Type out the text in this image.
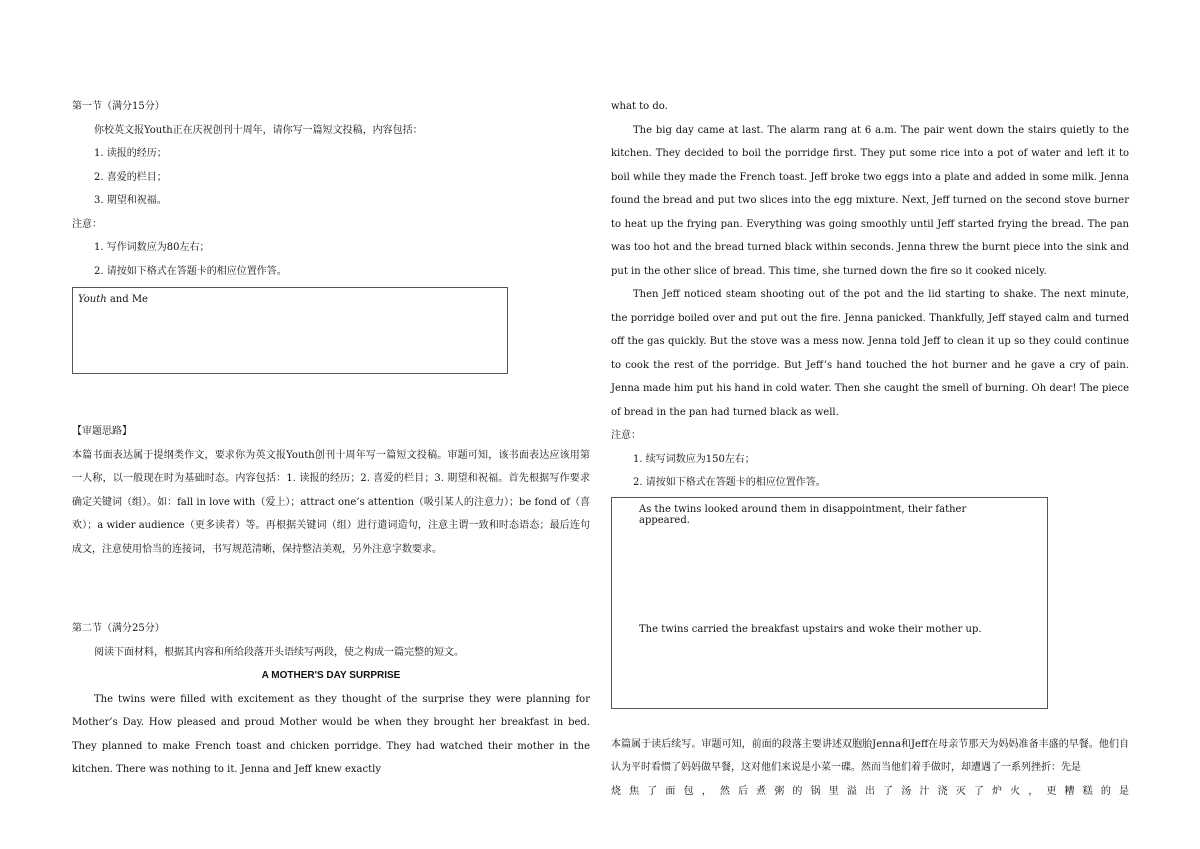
第一节（满分15分）
你校英文报Youth正在庆祝创刊十周年，请你写一篇短文投稿，内容包括：
1. 读报的经历；
2. 喜爱的栏目；
3. 期望和祝福。
注意：
1. 写作词数应为80左右；
2. 请按如下格式在答题卡的相应位置作答。
Youth and Me
【审题思路】
本篇书面表达属于提纲类作文，要求你为英文报Youth创刊十周年写一篇短文投稿。审题可知，该书面表达应该用第一人称，以一般现在时为基础时态。内容包括：1. 读报的经历；2. 喜爱的栏目；3. 期望和祝福。首先根据写作要求确定关键词（组）。如：fall in love with（爱上）；attract one’s attention（吸引某人的注意力）；be fond of（喜欢）；a wider audience（更多读者）等。再根据关键词（组）进行遣词造句，注意主谓一致和时态语态；最后连句成文，注意使用恰当的连接词，书写规范清晰，保持整洁美观，另外注意字数要求。
第二节（满分25分）
阅读下面材料，根据其内容和所给段落开头语续写两段，使之构成一篇完整的短文。
A MOTHER'S DAY SURPRISE
The twins were filled with excitement as they thought of the surprise they were planning for Mother’s Day. How pleased and proud Mother would be when they brought her breakfast in bed. They planned to make French toast and chicken porridge. They had watched their mother in the kitchen. There was nothing to it. Jenna and Jeff knew exactly
what to do.
The big day came at last. The alarm rang at 6 a.m. The pair went down the stairs quietly to the kitchen. They decided to boil the porridge first. They put some rice into a pot of water and left it to boil while they made the French toast. Jeff broke two eggs into a plate and added in some milk. Jenna found the bread and put two slices into the egg mixture. Next, Jeff turned on the second stove burner to heat up the frying pan. Everything was going smoothly until Jeff started frying the bread. The pan was too hot and the bread turned black within seconds. Jenna threw the burnt piece into the sink and put in the other slice of bread. This time, she turned down the fire so it cooked nicely.
Then Jeff noticed steam shooting out of the pot and the lid starting to shake. The next minute, the porridge boiled over and put out the fire. Jenna panicked. Thankfully, Jeff stayed calm and turned off the gas quickly. But the stove was a mess now. Jenna told Jeff to clean it up so they could continue to cook the rest of the porridge. But Jeff’s hand touched the hot burner and he gave a cry of pain. Jenna made him put his hand in cold water. Then she caught the smell of burning. Oh dear! The piece of bread in the pan had turned black as well.
注意：
1. 续写词数应为150左右；
2. 请按如下格式在答题卡的相应位置作答。
As the twins looked around them in disappointment, their father appeared.
The twins carried the breakfast upstairs and woke their mother up.
本篇属于读后续写。审题可知，前面的段落主要讲述双胞胎Jenna和Jeff在母亲节那天为妈妈准备丰盛的早餐。他们自认为平时看惯了妈妈做早餐，这对他们来说是小菜一碟。然而当他们着手做时，却遭遇了一系列挫折：先是
烧 焦 了 面 包 ， 然 后 煮 粥 的 锅 里 溢 出 了 汤 汁 浇 灭 了 炉 火 ， 更 糟 糕 的 是
